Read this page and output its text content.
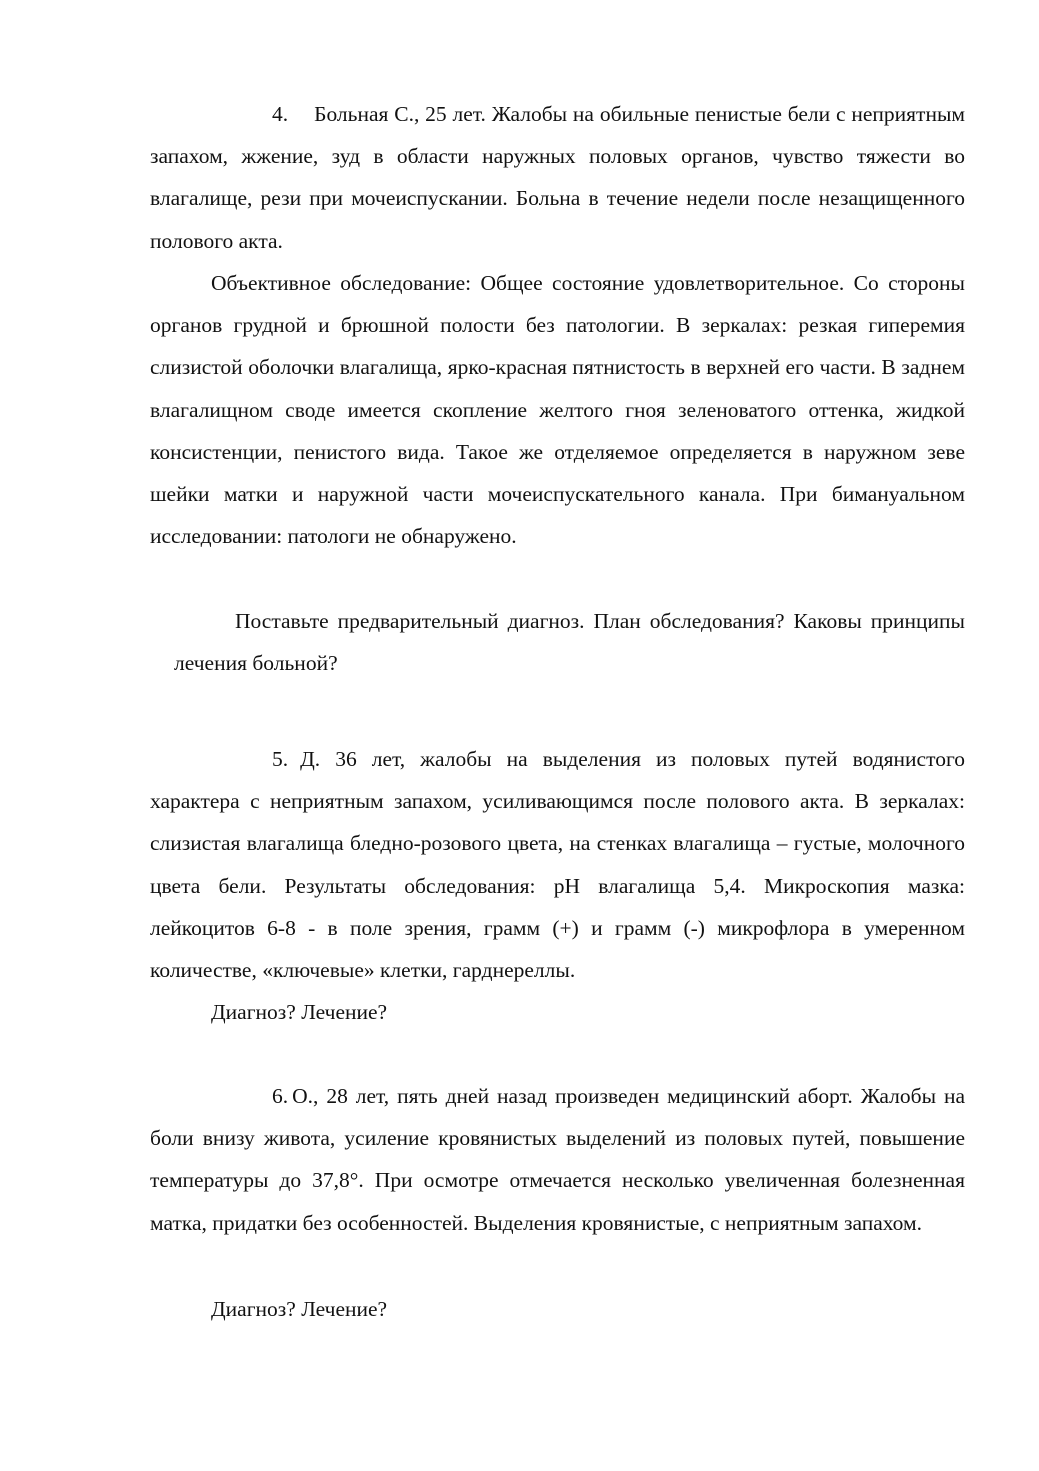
4. Больная С., 25 лет. Жалобы на обильные пенистые бели с неприятным запахом, жжение, зуд в области наружных половых органов, чувство тяжести во влагалище, рези при мочеиспускании. Больна в течение недели после незащищенного полового акта.

Объективное обследование: Общее состояние удовлетворительное. Со стороны органов грудной и брюшной полости без патологии. В зеркалах: резкая гиперемия слизистой оболочки влагалища, ярко-красная пятнистость в верхней его части. В заднем влагалищном своде имеется скопление желтого гноя зеленоватого оттенка, жидкой консистенции, пенистого вида. Такое же отделяемое определяется в наружном зеве шейки матки и наружной части мочеиспускательного канала. При бимануальном исследовании: патологи не обнаружено.

Поставьте предварительный диагноз. План обследования? Каковы принципы лечения больной?

5. Д. 36 лет, жалобы на выделения из половых путей водянистого характера с неприятным запахом, усиливающимся после полового акта. В зеркалах: слизистая влагалища бледно-розового цвета, на стенках влагалища – густые, молочного цвета бели. Результаты обследования: рН влагалища 5,4. Микроскопия мазка: лейкоцитов 6-8 - в поле зрения, грамм (+) и грамм (-) микрофлора в умеренном количестве, «ключевые» клетки, гарднереллы.

Диагноз? Лечение?

6. О., 28 лет, пять дней назад произведен медицинский аборт. Жалобы на боли внизу живота, усиление кровянистых выделений из половых путей, повышение температуры до 37,8°. При осмотре отмечается несколько увеличенная болезненная матка, придатки без особенностей. Выделения кровянистые, с неприятным запахом.

Диагноз? Лечение?
